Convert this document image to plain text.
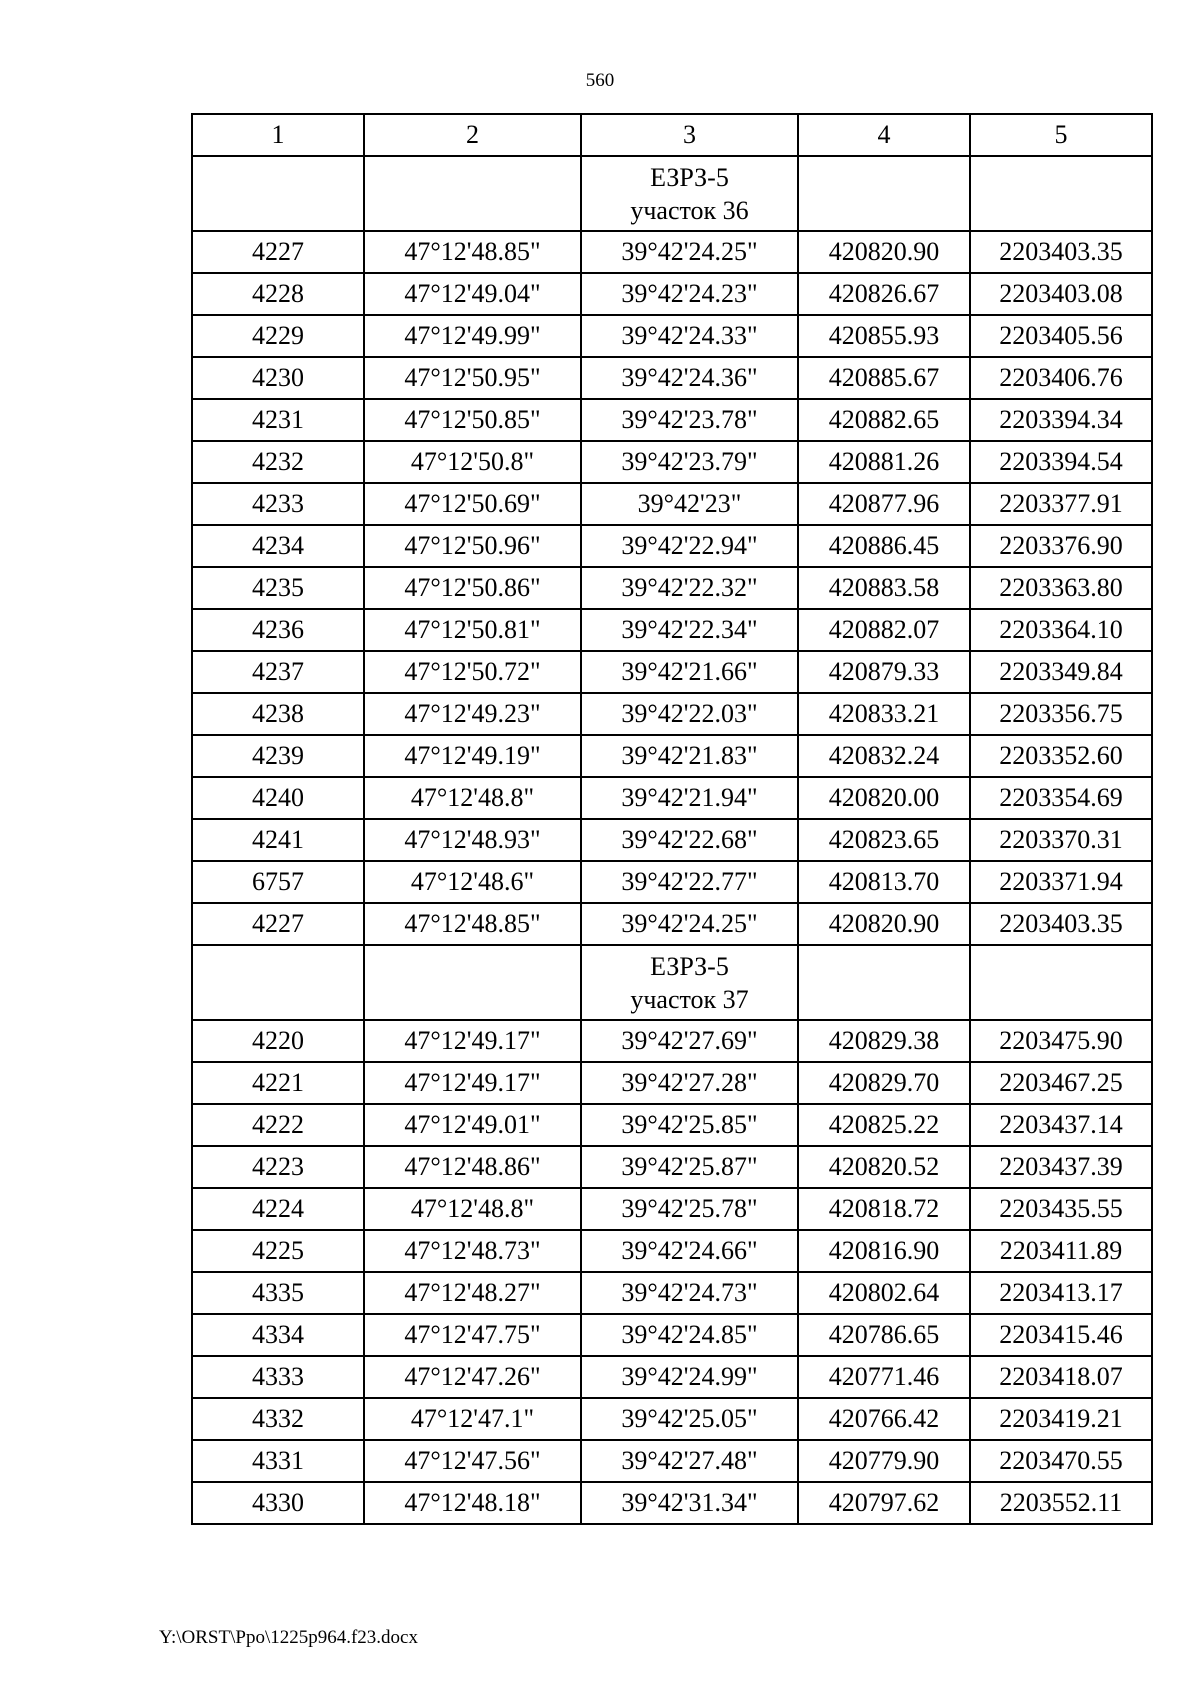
560
1	2	3	4	5

		ЕЗРЗ-5
участок 36		

4227	47°12'48.85"	39°42'24.25"	420820.90	2203403.35
4228	47°12'49.04"	39°42'24.23"	420826.67	2203403.08
4229	47°12'49.99"	39°42'24.33"	420855.93	2203405.56
4230	47°12'50.95"	39°42'24.36"	420885.67	2203406.76
4231	47°12'50.85"	39°42'23.78"	420882.65	2203394.34
4232	47°12'50.8"	39°42'23.79"	420881.26	2203394.54
4233	47°12'50.69"	39°42'23"	420877.96	2203377.91
4234	47°12'50.96"	39°42'22.94"	420886.45	2203376.90
4235	47°12'50.86"	39°42'22.32"	420883.58	2203363.80
4236	47°12'50.81"	39°42'22.34"	420882.07	2203364.10
4237	47°12'50.72"	39°42'21.66"	420879.33	2203349.84
4238	47°12'49.23"	39°42'22.03"	420833.21	2203356.75
4239	47°12'49.19"	39°42'21.83"	420832.24	2203352.60
4240	47°12'48.8"	39°42'21.94"	420820.00	2203354.69
4241	47°12'48.93"	39°42'22.68"	420823.65	2203370.31
6757	47°12'48.6"	39°42'22.77"	420813.70	2203371.94
4227	47°12'48.85"	39°42'24.25"	420820.90	2203403.35

		ЕЗРЗ-5
участок 37		

4220	47°12'49.17"	39°42'27.69"	420829.38	2203475.90
4221	47°12'49.17"	39°42'27.28"	420829.70	2203467.25
4222	47°12'49.01"	39°42'25.85"	420825.22	2203437.14
4223	47°12'48.86"	39°42'25.87"	420820.52	2203437.39
4224	47°12'48.8"	39°42'25.78"	420818.72	2203435.55
4225	47°12'48.73"	39°42'24.66"	420816.90	2203411.89
4335	47°12'48.27"	39°42'24.73"	420802.64	2203413.17
4334	47°12'47.75"	39°42'24.85"	420786.65	2203415.46
4333	47°12'47.26"	39°42'24.99"	420771.46	2203418.07
4332	47°12'47.1"	39°42'25.05"	420766.42	2203419.21
4331	47°12'47.56"	39°42'27.48"	420779.90	2203470.55
4330	47°12'48.18"	39°42'31.34"	420797.62	2203552.11
Y:\ORST\Ppo\1225p964.f23.docx
